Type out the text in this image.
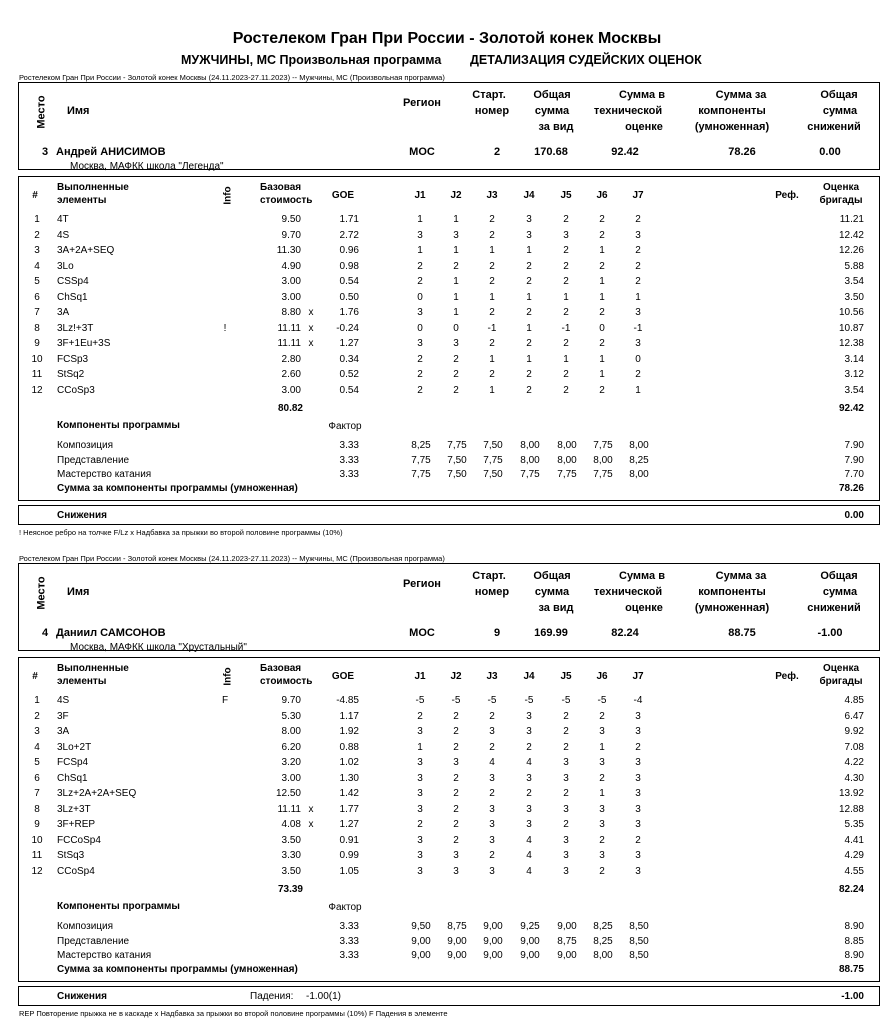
Ростелеком Гран При России - Золотой конек Москвы
МУЖЧИНЫ, МС Произвольная программа ДЕТАЛИЗАЦИЯ СУДЕЙСКИХ ОЦЕНОК
Ростелеком Гран При России - Золотой конек Москвы (24.11.2023-27.11.2023) -- Мужчины, МС (Произвольная программа)
Место Имя
Регион
Старт.
номер
Общая
сумма
за вид
Сумма в
технической
оценке
Сумма за
компоненты
(умноженная)
Общая
сумма
снижений
3 Андрей АНИСИМОВ	МОС	2	170.68	92.42	78.26	0.00
Москва, МАФКК школа "Легенда"
#
Выполненные
элементы	Info	Базовая
стоимость	GOE	J1	J2	J3	J4	J5	J6	J7	Реф.
Оценка
бригады
1	4T	9.50	1.71	1	1	2	3	2	2	2	11.21
2	4S	9.70	2.72	3	3	2	3	3	2	3	12.42
3	3A+2A+SEQ	11.30	0.96	1	1	1	1	2	1	2	12.26
4	3Lo	4.90	0.98	2	2	2	2	2	2	2	5.88
5	CSSp4	3.00	0.54	2	1	2	2	2	1	2	3.54
6	ChSq1	3.00	0.50	0	1	1	1	1	1	1	3.50
7	3A	8.80 x	1.76	3	1	2	2	2	2	3	10.56
8	3Lz!+3T	!	11.11 x	-0.24	0	0	-1	1	-1	0	-1	10.87
9	3F+1Eu+3S	11.11 x	1.27	3	3	2	2	2	2	3	12.38
10	FCSp3	2.80	0.34	2	2	1	1	1	1	0	3.14
11	StSq2	2.60	0.52	2	2	2	2	2	1	2	3.12
12	CCoSp3	3.00	0.54	2	2	1	2	2	2	1	3.54
80.82	92.42
Компоненты программы	Фактор
Композиция	3.33	8,25	7,75	7,50	8,00	8,00	7,75	8,00	7.90
Представление	3.33	7,75	7,50	7,75	8,00	8,00	8,00	8,25	7.90
Мастерство катания	3.33	7,75	7,50	7,50	7,75	7,75	7,75	8,00	7.70
Сумма за компоненты программы (умноженная)	78.26
Снижения	0.00
! Неясное ребро на толчке F/Lz x Надбавка за прыжки во второй половине программы (10%)
Ростелеком Гран При России - Золотой конек Москвы (24.11.2023-27.11.2023) -- Мужчины, МС (Произвольная программа)
Место Имя
Регион
Старт.
номер
Общая
сумма
за вид
Сумма в
технической
оценке
Сумма за
компоненты
(умноженная)
Общая
сумма
снижений
4 Даниил САМСОНОВ	МОС	9	169.99	82.24	88.75	-1.00
Москва, МАФКК школа "Хрустальный"
#
Выполненные
элементы	Info	Базовая
стоимость	GOE	J1	J2	J3	J4	J5	J6	J7	Реф.
Оценка
бригады
1	4S	F	9.70	-4.85	-5	-5	-5	-5	-5	-5	-4	4.85
2	3F	5.30	1.17	2	2	2	3	2	2	3	6.47
3	3A	8.00	1.92	3	2	3	3	2	3	3	9.92
4	3Lo+2T	6.20	0.88	1	2	2	2	2	1	2	7.08
5	FCSp4	3.20	1.02	3	3	4	4	3	3	3	4.22
6	ChSq1	3.00	1.30	3	2	3	3	3	2	3	4.30
7	3Lz+2A+2A+SEQ	12.50	1.42	3	2	2	2	2	1	3	13.92
8	3Lz+3T	11.11 x	1.77	3	2	3	3	3	3	3	12.88
9	3F+REP	4.08 x	1.27	2	2	3	3	2	3	3	5.35
10	FCCoSp4	3.50	0.91	3	2	3	4	3	2	2	4.41
11	StSq3	3.30	0.99	3	3	2	4	3	3	3	4.29
12	CCoSp4	3.50	1.05	3	3	3	4	3	2	3	4.55
73.39	82.24
Компоненты программы	Фактор
Композиция	3.33	9,50	8,75	9,00	9,25	9,00	8,25	8,50	8.90
Представление	3.33	9,00	9,00	9,00	9,00	8,75	8,25	8,50	8.85
Мастерство катания	3.33	9,00	9,00	9,00	9,00	9,00	8,00	8,50	8.90
Сумма за компоненты программы (умноженная)	88.75
Снижения	Падения: -1.00(1)	-1.00
REP Повторение прыжка не в каскаде x Надбавка за прыжки во второй половине программы (10%) F Падения в элементе
